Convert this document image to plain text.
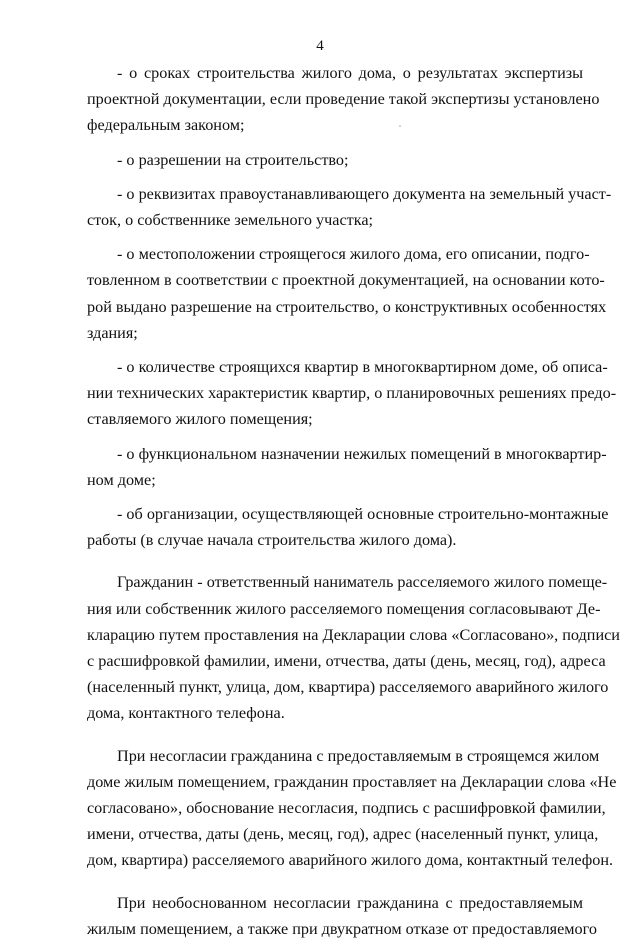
4
- о сроках строительства жилого дома, о результатах экспертизы
проектной документации, если проведение такой экспертизы установлено
федеральным законом;
- о разрешении на строительство;
- о реквизитах правоустанавливающего документа на земельный участ-
сток, о собственнике земельного участка;
- о местоположении строящегося жилого дома, его описании, подго-
товленном в соответствии с проектной документацией, на основании кото-
рой выдано разрешение на строительство, о конструктивных особенностях
здания;
- о количестве строящихся квартир в многоквартирном доме, об описа-
нии технических характеристик квартир, о планировочных решениях предо-
ставляемого жилого помещения;
- о функциональном назначении нежилых помещений в многоквартир-
ном доме;
- об организации, осуществляющей основные строительно-монтажные
работы (в случае начала строительства жилого дома).
Гражданин - ответственный наниматель расселяемого жилого помеще-
ния или собственник жилого расселяемого помещения согласовывают Де-
кларацию путем проставления на Декларации слова «Согласовано», подписи
с расшифровкой фамилии, имени, отчества, даты (день, месяц, год), адреса
(населенный пункт, улица, дом, квартира) расселяемого аварийного жилого
дома, контактного телефона.
При несогласии гражданина с предоставляемым в строящемся жилом
доме жилым помещением, гражданин проставляет на Декларации слова «Не
согласовано», обоснование несогласия, подпись с расшифровкой фамилии,
имени, отчества, даты (день, месяц, год), адрес (населенный пункт, улица,
дом, квартира) расселяемого аварийного жилого дома, контактный телефон.
При необоснованном несогласии гражданина с предоставляемым
жилым помещением, а также при двукратном отказе от предоставляемого
